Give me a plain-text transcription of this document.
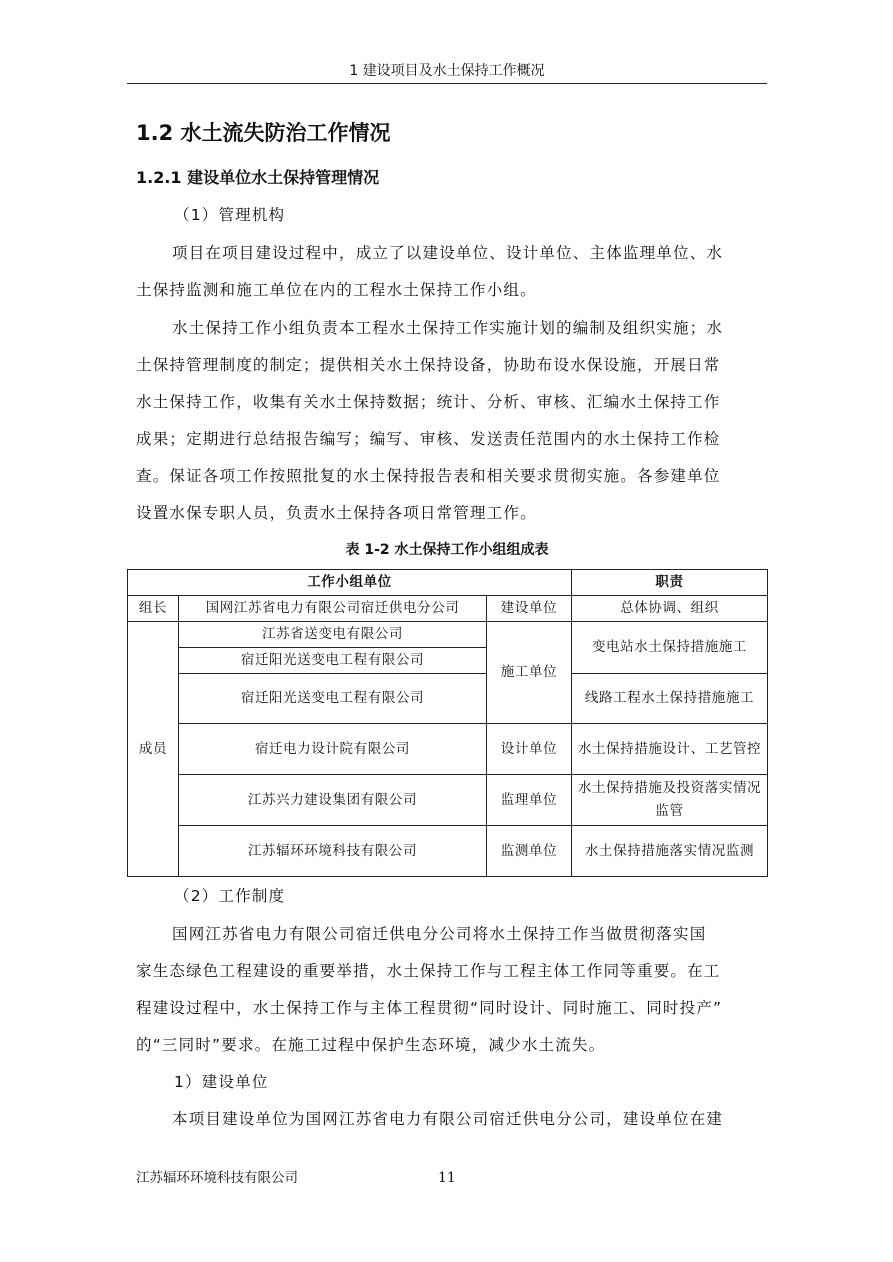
1 建设项目及水土保持工作概况
1.2 水土流失防治工作情况
1.2.1 建设单位水土保持管理情况
（1）管理机构
项目在项目建设过程中，成立了以建设单位、设计单位、主体监理单位、水
土保持监测和施工单位在内的工程水土保持工作小组。
水土保持工作小组负责本工程水土保持工作实施计划的编制及组织实施；水
土保持管理制度的制定；提供相关水土保持设备，协助布设水保设施，开展日常
水土保持工作，收集有关水土保持数据；统计、分析、审核、汇编水土保持工作
成果；定期进行总结报告编写；编写、审核、发送责任范围内的水土保持工作检
查。保证各项工作按照批复的水土保持报告表和相关要求贯彻实施。各参建单位
设置水保专职人员，负责水土保持各项日常管理工作。
表 1-2 水土保持工作小组组成表
工作小组单位			职责
组长	国网江苏省电力有限公司宿迁供电分公司	建设单位	总体协调、组织
成员	江苏省送变电有限公司	施工单位	变电站水土保持措施施工
	宿迁阳光送变电工程有限公司		
	宿迁阳光送变电工程有限公司		线路工程水土保持措施施工
	宿迁电力设计院有限公司	设计单位	水土保持措施设计、工艺管控
	江苏兴力建设集团有限公司	监理单位	水土保持措施及投资落实情况监管
	江苏辐环环境科技有限公司	监测单位	水土保持措施落实情况监测
（2）工作制度
国网江苏省电力有限公司宿迁供电分公司将水土保持工作当做贯彻落实国
家生态绿色工程建设的重要举措，水土保持工作与工程主体工作同等重要。在工
程建设过程中，水土保持工作与主体工程贯彻“同时设计、同时施工、同时投产”
的“三同时”要求。在施工过程中保护生态环境，减少水土流失。
1）建设单位
本项目建设单位为国网江苏省电力有限公司宿迁供电分公司，建设单位在建
江苏辐环环境科技有限公司	11
